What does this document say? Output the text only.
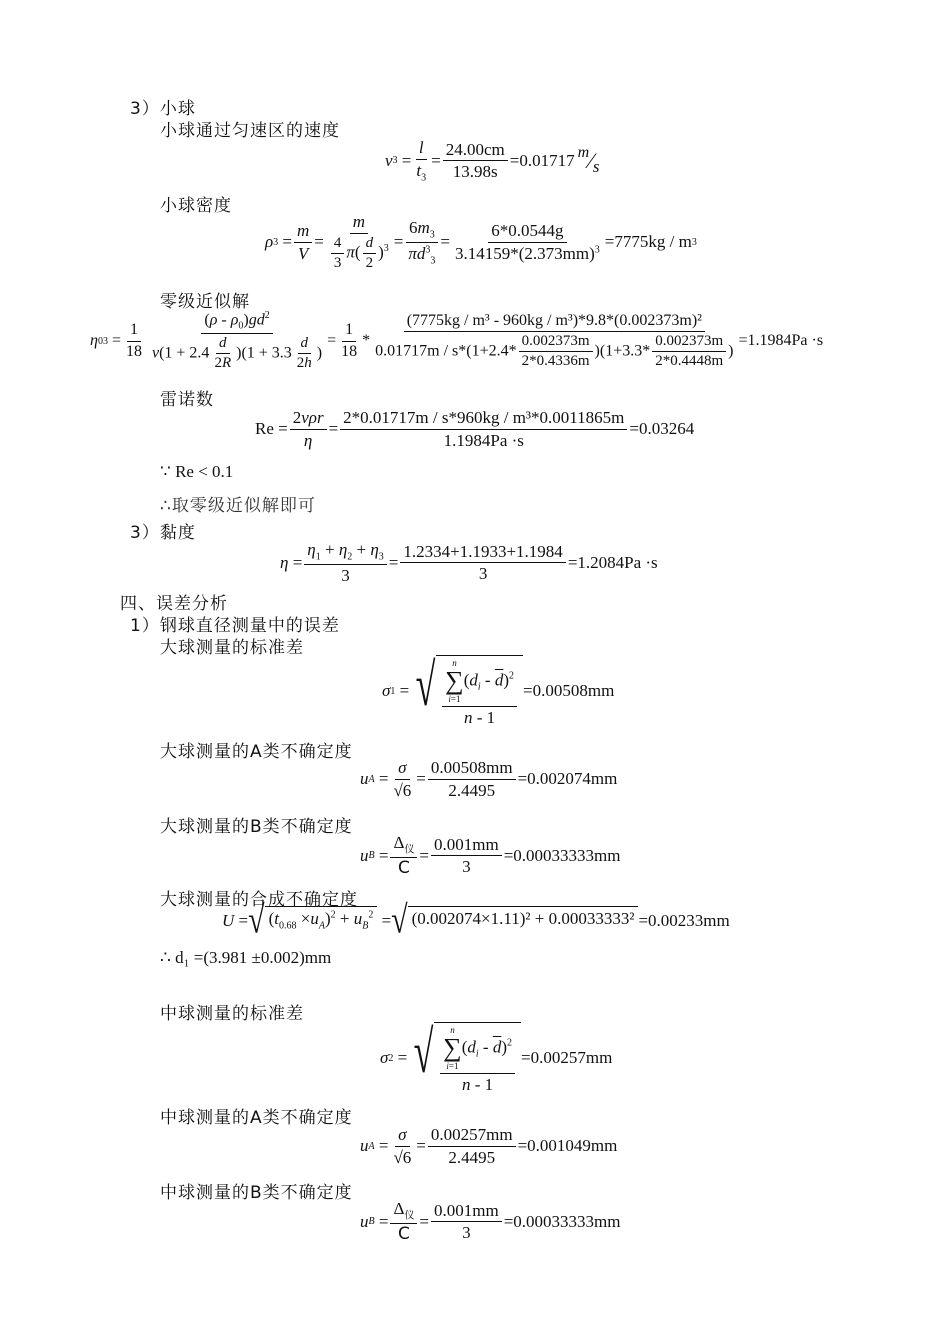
3）小球
小球通过匀速区的速度
v $3 = \frac{l}{t_3} = \frac{24.00cm}{13.98s} =0.01717$ m ⁄ s
小球密度
ρ $3 = \frac{m}{V} = \frac{m}{\frac{4}{3} \pi( \frac{d}{2} )^3} = \frac{6m_3}{\pi d^3_3} = \frac{6*0.0544g}{3.14159*(2.373mm)^3} =7775kg / m$ 3
零级近似解
η $03 = \frac{1}{18} \frac{(\rho - \rho_0)gd^2}{v(1 + 2.4 \frac{d}{2R} )(1 + 3.3 \frac{d}{2h} )} = \frac{1}{18}$ *
(7775kg / m³ - 960kg / m³)*9.8*(0.002373m)²
$0.01717m / s*(1+2.4* \frac{0.002373m}{2*0.4336m} )(1+3.3* \frac{0.002373m}{2*0.4448m}$ )
=1.1984Pa ·s
雷诺数
$Re = \frac{\text{2vρr}}{\eta} = \frac{\text{2*0.01717m / s*960kg / m³*0.0011865m}}{1.1984Pa \cdot s} =0.03264$
∵ Re < 0.1
∴取零级近似解即可
3）黏度
$\eta = \frac{\eta_1 + \eta_2 + \eta_3}{3} = \frac{1.2334+1.1933+1.1984}{3} =1.2084Pa \cdot s$
四、误差分析
1）钢球直径测量中的误差
大球测量的标准差
σ 1 = √ n
∑
i=1
$(d_i - \overline{d})^2$
n - 1 =0.00508mm
大球测量的A类不确定度
u $A = \frac{\sigma}{√6} = \frac{0.00508mm}{2.4495} =0.002074mm$
大球测量的B类不确定度
u $B = \frac{\Delta_仪}{C} = \frac{0.001mm}{3} =0.00033333mm$
大球测量的合成不确定度
U = √ $(t_{0.68} \times u_A)^2 + u_B^2$ = √ (0.002074×1.11)² + 0.00033333² =0.00233mm
∴ d₁ =(3.981 ±0.002)mm
中球测量的标准差
σ 2 = √ n
∑
i=1
$(d_i - \overline{d})^2$
n - 1 =0.00257mm
中球测量的A类不确定度
u $A = \frac{\sigma}{√6} = \frac{0.00257mm}{2.4495} =0.001049mm$
中球测量的B类不确定度
u $B = \frac{\Delta_仪}{C} = \frac{0.001mm}{3} =0.00033333mm$
